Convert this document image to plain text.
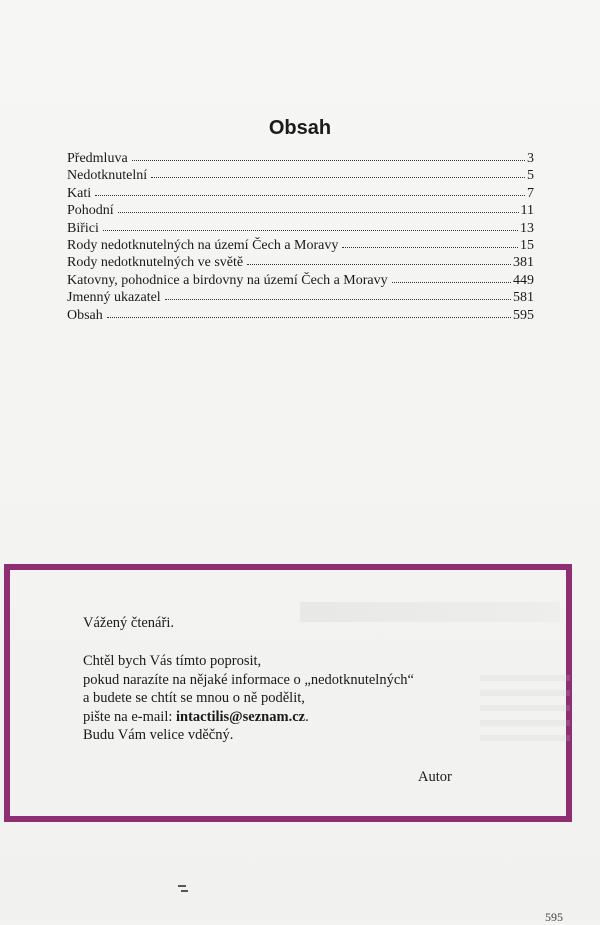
Obsah
Předmluva	3
Nedotknutelní	5
Kati	7
Pohodní	11
Biřici	13
Rody nedotknutelných na území Čech a Moravy	15
Rody nedotknutelných ve světě	381
Katovny, pohodnice a birdovny na území Čech a Moravy	449
Jmenný ukazatel	581
Obsah	595
Vážený čtenáři.
Chtěl bych Vás tímto poprosit,
pokud narazíte na nějaké informace o „nedotknutelných“
a budete se chtít se mnou o ně podělit,
pište na e-mail: intactilis@seznam.cz.
Budu Vám velice vděčný.
Autor
595
